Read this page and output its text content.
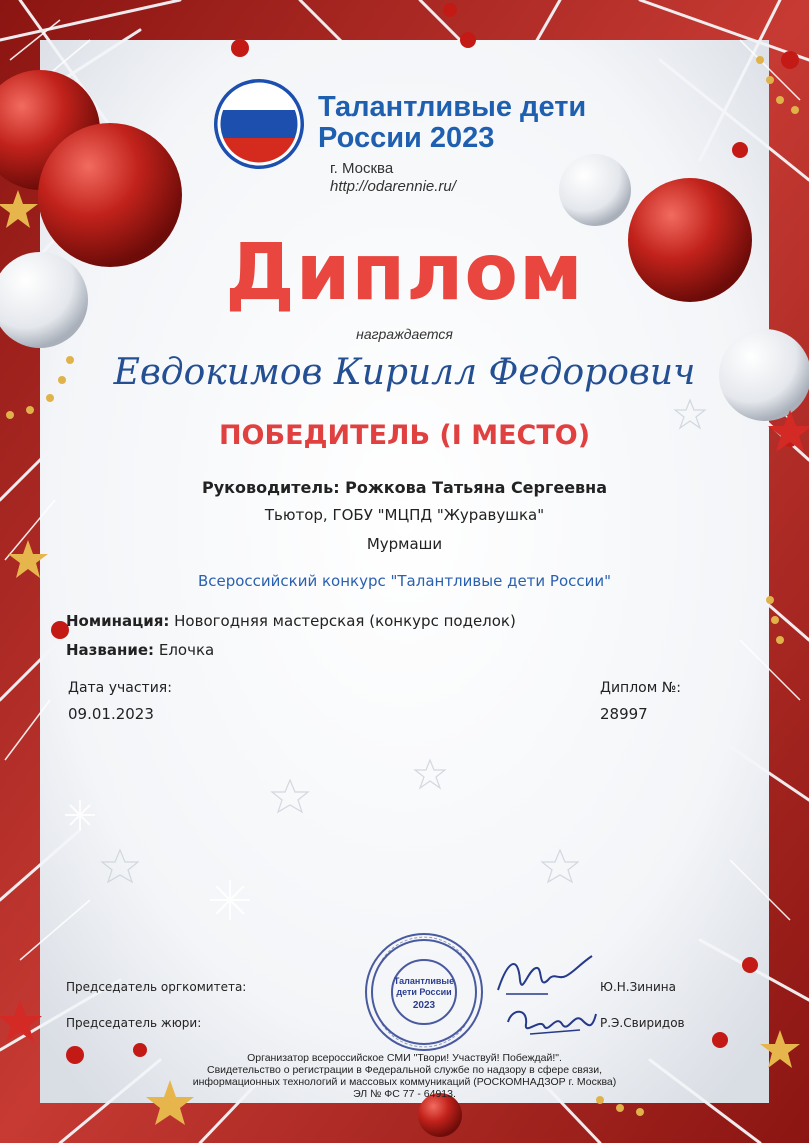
Талантливые дети
России 2023

г. Москва

http://odarennie.ru/

Диплом

награждается

Евдокимов Кирилл Федорович

ПОБЕДИТЕЛЬ (I МЕСТО)

Руководитель: Рожкова Татьяна Сергеевна

Тьютор, ГОБУ "МЦПД "Журавушка"

Мурмаши

Всероссийский конкурс "Талантливые дети России"

Номинация: Новогодняя мастерская (конкурс поделок)

Название: Елочка

Дата участия:

09.01.2023

Диплом №:

28997

Талантливые
дети России
2023

Председатель оргкомитета:	Ю.Н.Зинина

Председатель жюри:	Р.Э.Свиридов

Организатор всероссийское СМИ "Твори! Участвуй! Побеждай!".
Свидетельство о регистрации в Федеральной службе по надзору в сфере связи,
информационных технологий и массовых коммуникаций (РОСКОМНАДЗОР г. Москва)
ЭЛ № ФС 77 - 64913.
